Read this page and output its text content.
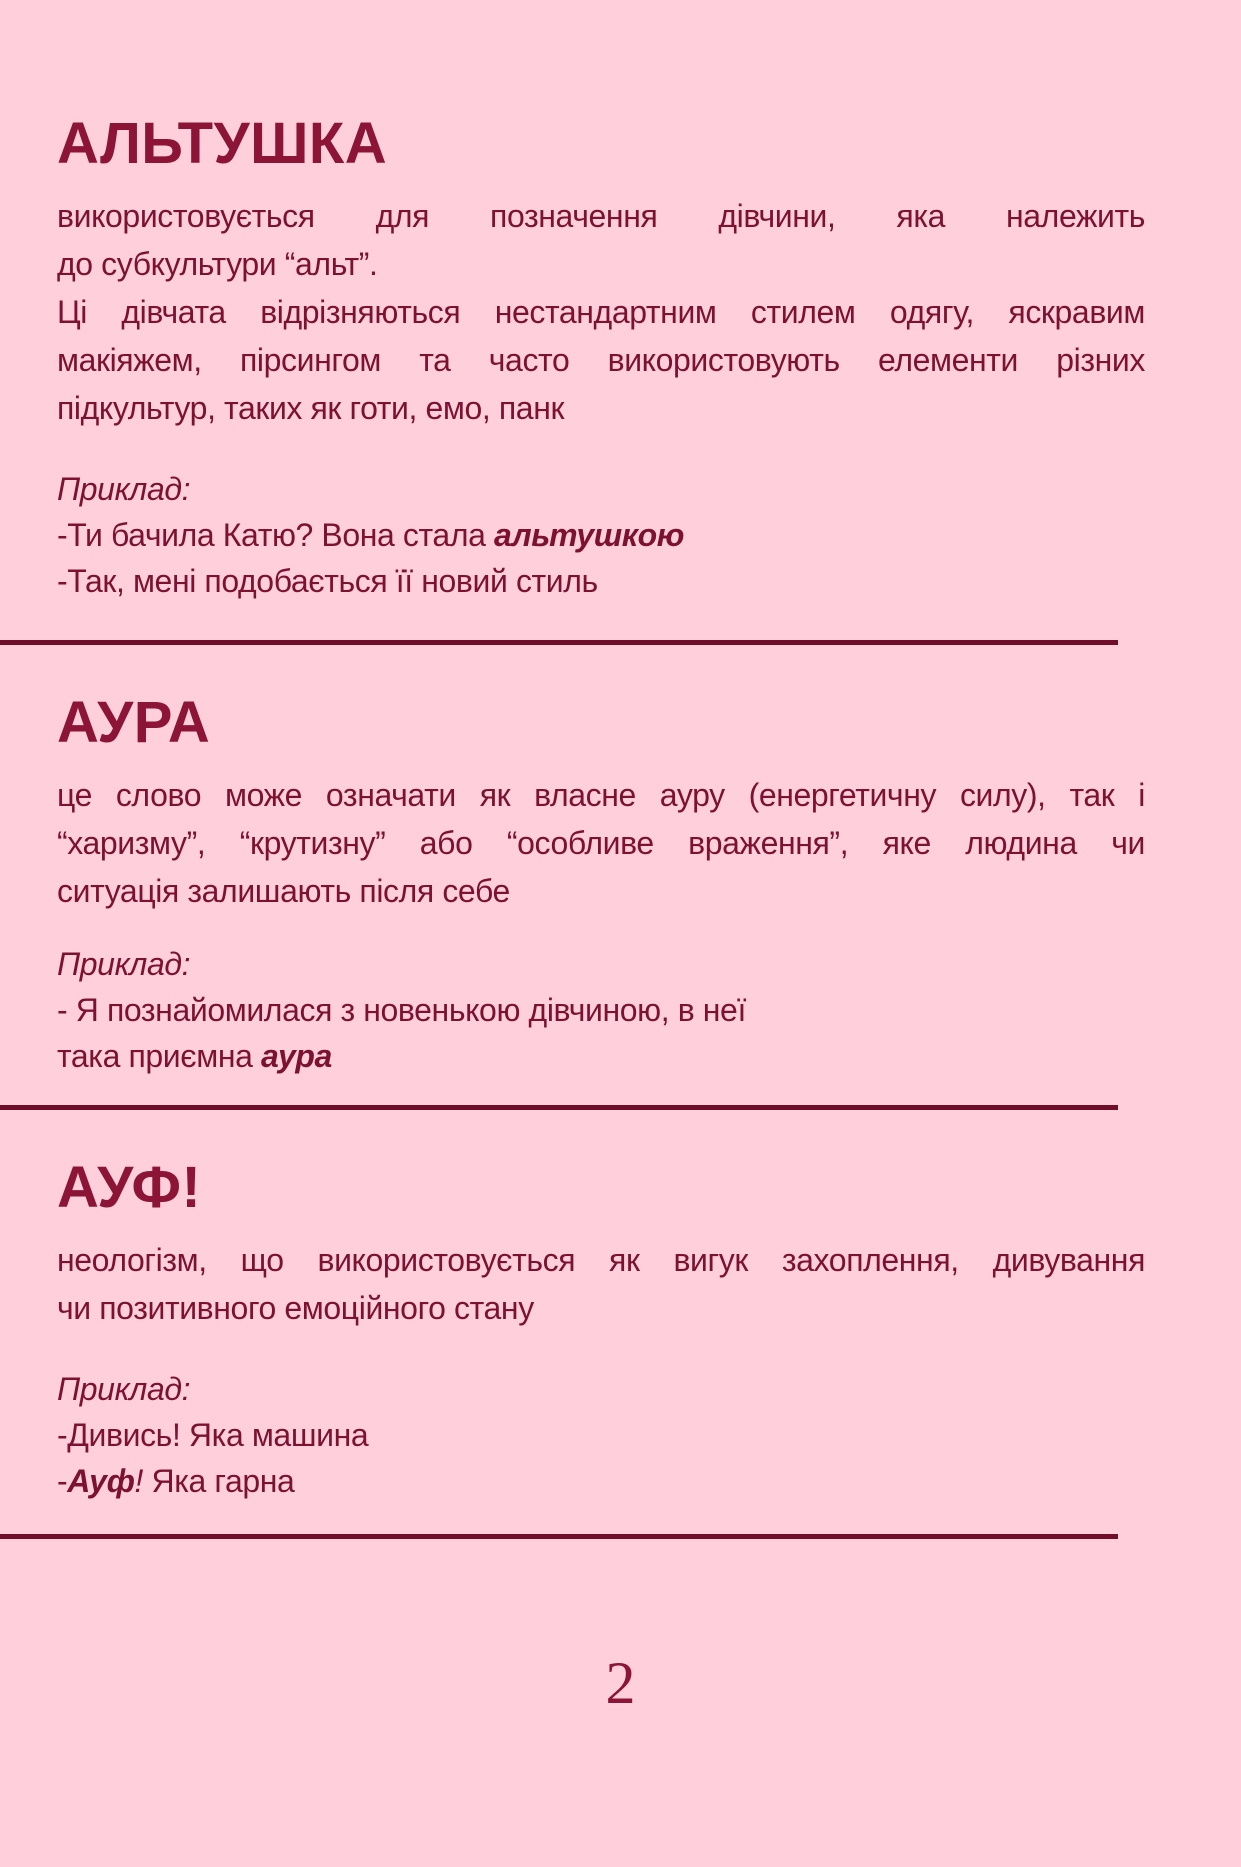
АЛЬТУШКА
використовується для позначення дівчини, яка належить
до субкультури “альт”.
Ці дівчата відрізняються нестандартним стилем одягу, яскравим
макіяжем, пірсингом та часто використовують елементи різних
підкультур, таких як готи, емо, панк
Приклад:
-Ти бачила Катю? Вона стала альтушкою
-Так, мені подобається її новий стиль
АУРА
це слово може означати як власне ауру (енергетичну силу), так і
“харизму”, “крутизну” або “особливе враження”, яке людина чи
ситуація залишають після себе
Приклад:
- Я познайомилася з новенькою дівчиною, в неї
така приємна аура
АУФ!
неологізм, що використовується як вигук захоплення, дивування
чи позитивного емоційного стану
Приклад:
-Дивись! Яка машина
-Ауф! Яка гарна
2
